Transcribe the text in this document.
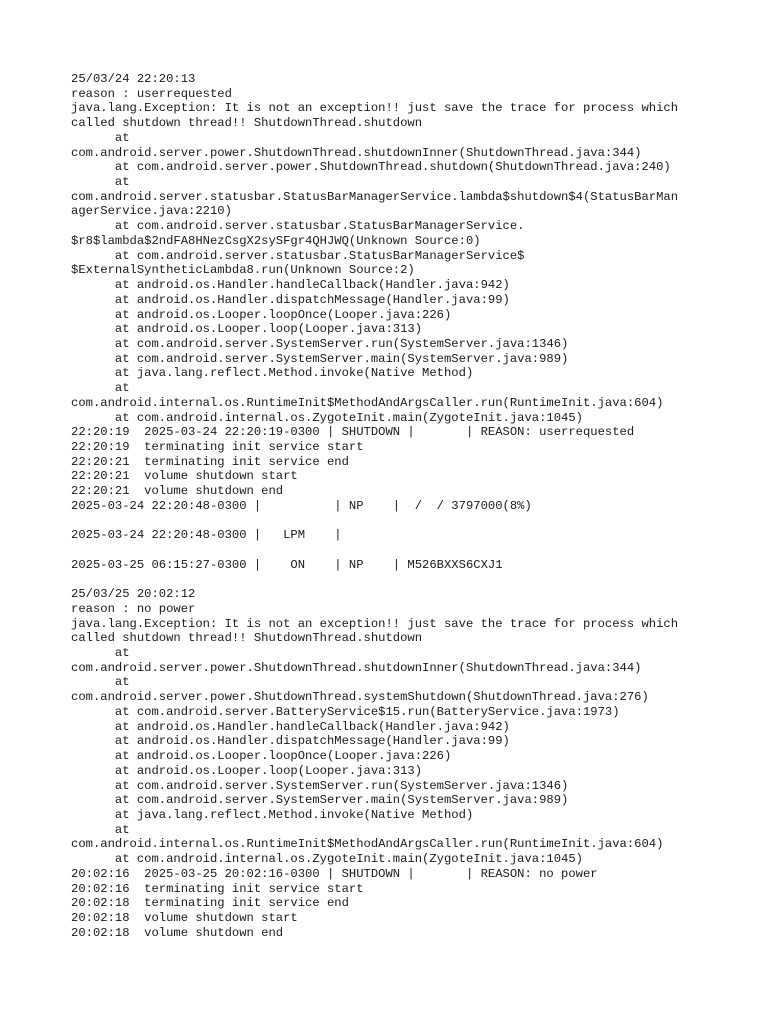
25/03/24 22:20:13
reason : userrequested
java.lang.Exception: It is not an exception!! just save the trace for process which
called shutdown thread!! ShutdownThread.shutdown
at
com.android.server.power.ShutdownThread.shutdownInner(ShutdownThread.java:344)
at com.android.server.power.ShutdownThread.shutdown(ShutdownThread.java:240)
at
com.android.server.statusbar.StatusBarManagerService.lambda$shutdown$4(StatusBarMan
agerService.java:2210)
at com.android.server.statusbar.StatusBarManagerService.
$r8$lambda$2ndFA8HNezCsgX2sySFgr4QHJWQ(Unknown Source:0)
at com.android.server.statusbar.StatusBarManagerService$
$ExternalSyntheticLambda8.run(Unknown Source:2)
at android.os.Handler.handleCallback(Handler.java:942)
at android.os.Handler.dispatchMessage(Handler.java:99)
at android.os.Looper.loopOnce(Looper.java:226)
at android.os.Looper.loop(Looper.java:313)
at com.android.server.SystemServer.run(SystemServer.java:1346)
at com.android.server.SystemServer.main(SystemServer.java:989)
at java.lang.reflect.Method.invoke(Native Method)
at
com.android.internal.os.RuntimeInit$MethodAndArgsCaller.run(RuntimeInit.java:604)
at com.android.internal.os.ZygoteInit.main(ZygoteInit.java:1045)
22:20:19  2025-03-24 22:20:19-0300 | SHUTDOWN |       | REASON: userrequested
22:20:19  terminating init service start
22:20:21  terminating init service end
22:20:21  volume shutdown start
22:20:21  volume shutdown end
2025-03-24 22:20:48-0300 |          | NP    |  /  / 3797000(8%)
2025-03-24 22:20:48-0300 |   LPM    |
2025-03-25 06:15:27-0300 |    ON    | NP    | M526BXXS6CXJ1
25/03/25 20:02:12
reason : no power
java.lang.Exception: It is not an exception!! just save the trace for process which
called shutdown thread!! ShutdownThread.shutdown
at
com.android.server.power.ShutdownThread.shutdownInner(ShutdownThread.java:344)
at
com.android.server.power.ShutdownThread.systemShutdown(ShutdownThread.java:276)
at com.android.server.BatteryService$15.run(BatteryService.java:1973)
at android.os.Handler.handleCallback(Handler.java:942)
at android.os.Handler.dispatchMessage(Handler.java:99)
at android.os.Looper.loopOnce(Looper.java:226)
at android.os.Looper.loop(Looper.java:313)
at com.android.server.SystemServer.run(SystemServer.java:1346)
at com.android.server.SystemServer.main(SystemServer.java:989)
at java.lang.reflect.Method.invoke(Native Method)
at
com.android.internal.os.RuntimeInit$MethodAndArgsCaller.run(RuntimeInit.java:604)
at com.android.internal.os.ZygoteInit.main(ZygoteInit.java:1045)
20:02:16  2025-03-25 20:02:16-0300 | SHUTDOWN |       | REASON: no power
20:02:16  terminating init service start
20:02:18  terminating init service end
20:02:18  volume shutdown start
20:02:18  volume shutdown end
